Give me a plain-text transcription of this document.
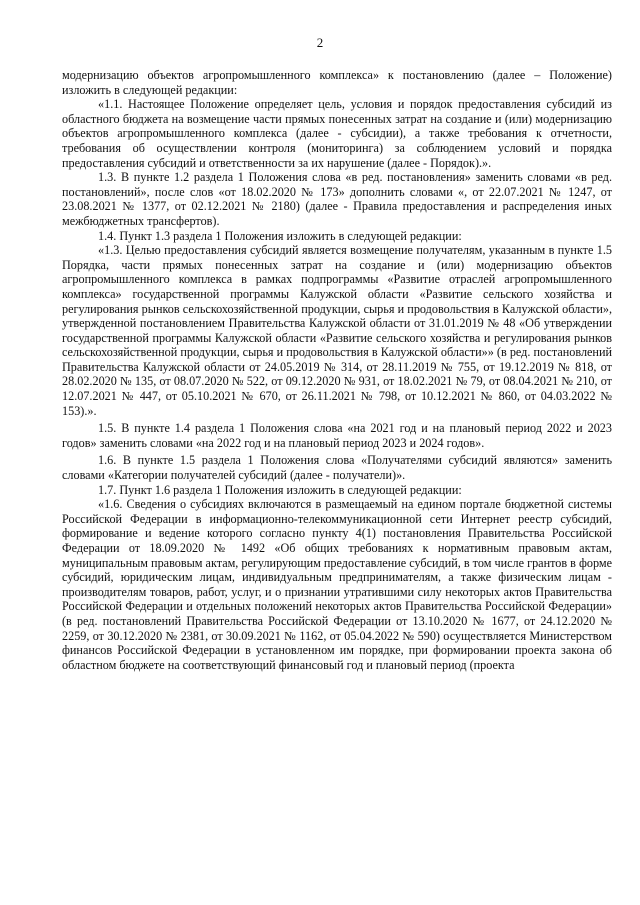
2

модернизацию объектов агропромышленного комплекса» к постановлению (далее – Положение) изложить в следующей редакции:

«1.1. Настоящее Положение определяет цель, условия и порядок предоставления субсидий из областного бюджета на возмещение части прямых понесенных затрат на создание и (или) модернизацию объектов агропромышленного комплекса (далее - субсидии), а также требования к отчетности, требования об осуществлении контроля (мониторинга) за соблюдением условий и порядка предоставления субсидий и ответственности за их нарушение (далее - Порядок).».

1.3. В пункте 1.2 раздела 1 Положения слова «в ред. постановления» заменить словами «в ред. постановлений», после слов «от 18.02.2020 № 173» дополнить словами «, от 22.07.2021 № 1247, от 23.08.2021 № 1377, от 02.12.2021 № 2180) (далее - Правила предоставления и распределения иных межбюджетных трансфертов).

1.4. Пункт 1.3 раздела 1 Положения изложить в следующей редакции:

«1.3. Целью предоставления субсидий является возмещение получателям, указанным в пункте 1.5 Порядка, части прямых понесенных затрат на создание и (или) модернизацию объектов агропромышленного комплекса в рамках подпрограммы «Развитие отраслей агропромышленного комплекса» государственной программы Калужской области «Развитие сельского хозяйства и регулирования рынков сельскохозяйственной продукции, сырья и продовольствия в Калужской области», утвержденной постановлением Правительства Калужской области от 31.01.2019 № 48 «Об утверждении государственной программы Калужской области «Развитие сельского хозяйства и регулирования рынков сельскохозяйственной продукции, сырья и продовольствия в Калужской области»» (в ред. постановлений Правительства Калужской области от 24.05.2019 № 314, от 28.11.2019 № 755, от 19.12.2019 № 818, от 28.02.2020 № 135, от 08.07.2020 № 522, от 09.12.2020 № 931, от 18.02.2021 № 79, от 08.04.2021 № 210, от 12.07.2021 № 447, от 05.10.2021 № 670, от 26.11.2021 № 798, от 10.12.2021 № 860, от 04.03.2022 № 153).».

1.5. В пункте 1.4 раздела 1 Положения слова «на 2021 год и на плановый период 2022 и 2023 годов» заменить словами «на 2022 год и на плановый период 2023 и 2024 годов».

1.6. В пункте 1.5 раздела 1 Положения слова «Получателями субсидий являются» заменить словами «Категории получателей субсидий (далее - получатели)».

1.7. Пункт 1.6 раздела 1 Положения изложить в следующей редакции:

«1.6. Сведения о субсидиях включаются в размещаемый на едином портале бюджетной системы Российской Федерации в информационно-телекоммуникационной сети Интернет реестр субсидий, формирование и ведение которого согласно пункту 4(1) постановления Правительства Российской Федерации от 18.09.2020 № 1492 «Об общих требованиях к нормативным правовым актам, муниципальным правовым актам, регулирующим предоставление субсидий, в том числе грантов в форме субсидий, юридическим лицам, индивидуальным предпринимателям, а также физическим лицам - производителям товаров, работ, услуг, и о признании утратившими силу некоторых актов Правительства Российской Федерации и отдельных положений некоторых актов Правительства Российской Федерации» (в ред. постановлений Правительства Российской Федерации от 13.10.2020 № 1677, от 24.12.2020 № 2259, от 30.12.2020 № 2381, от 30.09.2021 № 1162, от 05.04.2022 № 590) осуществляется Министерством финансов Российской Федерации в установленном им порядке, при формировании проекта закона об областном бюджете на соответствующий финансовый год и плановый период (проекта
